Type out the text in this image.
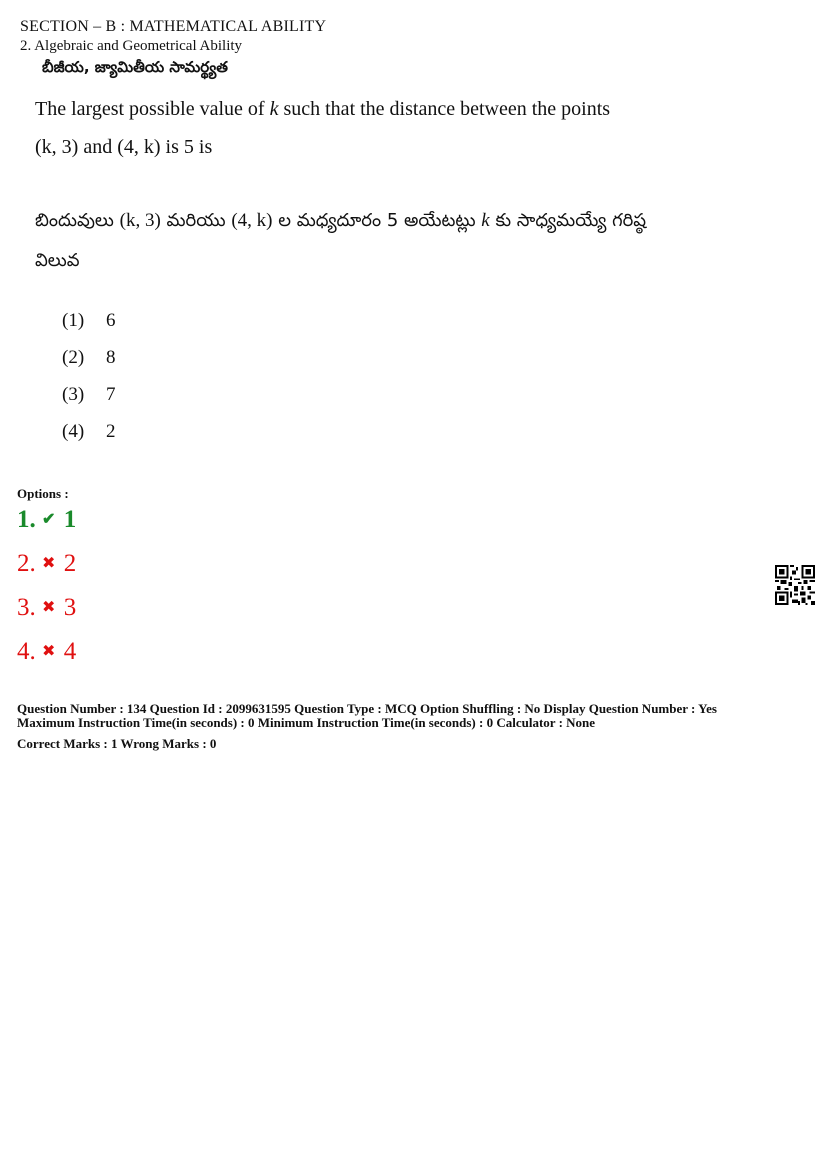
SECTION – B : MATHEMATICAL ABILITY
2. Algebraic and Geometrical Ability
బీజీయ, జ్యామితీయ సామర్థ్యత
The largest possible value of k such that the distance between the points
(k, 3) and (4, k) is 5 is
బిందువులు (k, 3) మరియు (4, k) ల మధ్యదూరం 5 అయేటట్లు k కు సాధ్యమయ్యే గరిష్ఠ
విలువ
(1) 6
(2) 8
(3) 7
(4) 2
Options :
1. ✔ 1
2. ✖ 2
3. ✖ 3
4. ✖ 4
Question Number : 134 Question Id : 2099631595 Question Type : MCQ Option Shuffling : No Display Question Number : Yes
Maximum Instruction Time(in seconds) : 0 Minimum Instruction Time(in seconds) : 0 Calculator : None
Correct Marks : 1 Wrong Marks : 0
